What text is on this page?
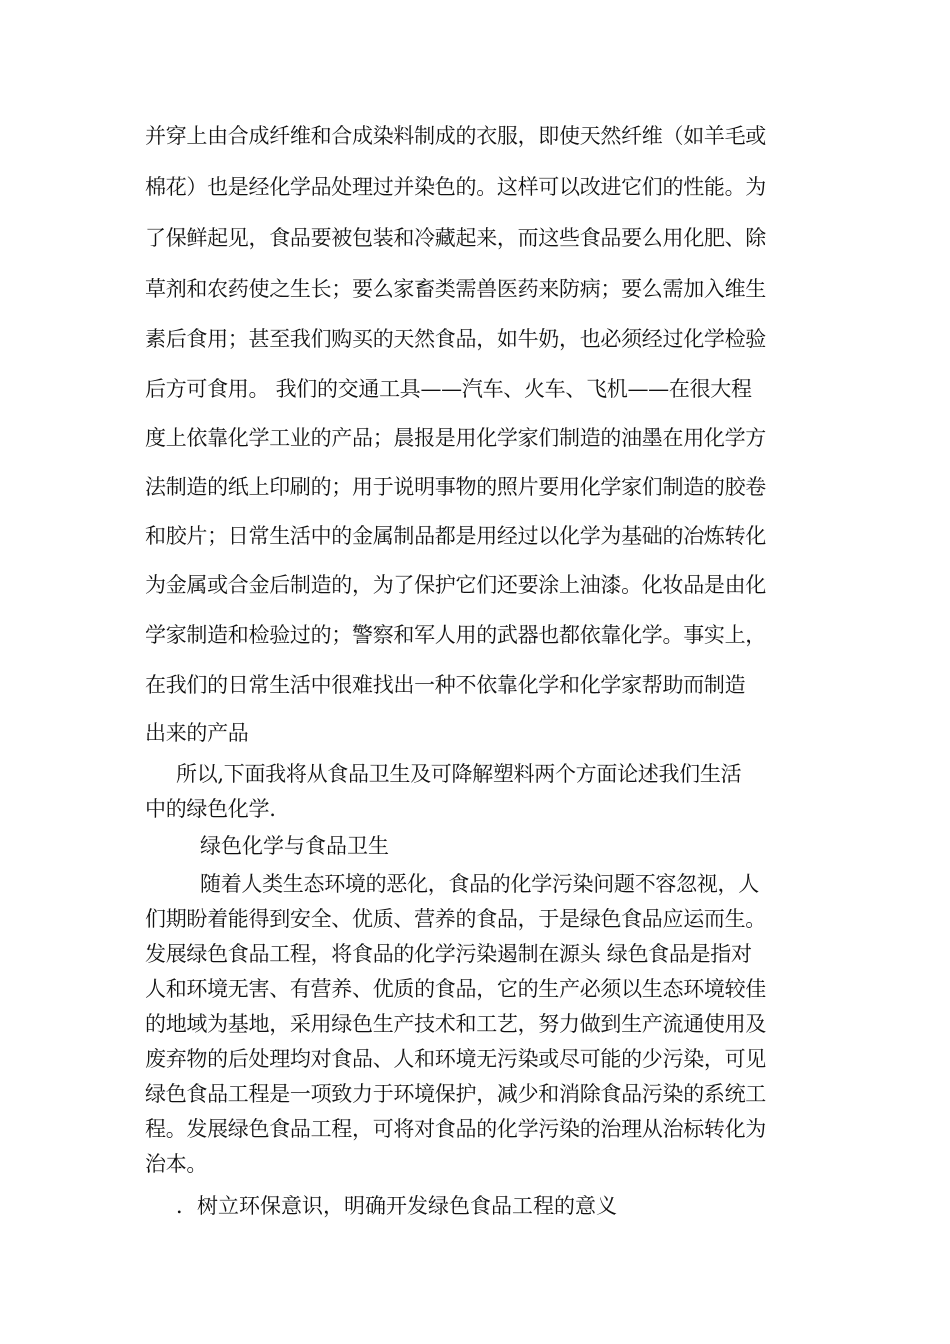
并穿上由合成纤维和合成染料制成的衣服，即使天然纤维（如羊毛或
棉花）也是经化学品处理过并染色的。这样可以改进它们的性能。为
了保鲜起见，食品要被包装和冷藏起来，而这些食品要么用化肥、除
草剂和农药使之生长；要么家畜类需兽医药来防病；要么需加入维生
素后食用；甚至我们购买的天然食品，如牛奶，也必须经过化学检验
后方可食用。 我们的交通工具——汽车、火车、飞机——在很大程
度上依靠化学工业的产品；晨报是用化学家们制造的油墨在用化学方
法制造的纸上印刷的；用于说明事物的照片要用化学家们制造的胶卷
和胶片；日常生活中的金属制品都是用经过以化学为基础的冶炼转化
为金属或合金后制造的，为了保护它们还要涂上油漆。化妆品是由化
学家制造和检验过的；警察和军人用的武器也都依靠化学。事实上，
在我们的日常生活中很难找出一种不依靠化学和化学家帮助而制造
出来的产品
所以,下面我将从食品卫生及可降解塑料两个方面论述我们生活
中的绿色化学.
绿色化学与食品卫生
随着人类生态环境的恶化，食品的化学污染问题不容忽视，人
们期盼着能得到安全、优质、营养的食品，于是绿色食品应运而生。
发展绿色食品工程，将食品的化学污染遏制在源头 绿色食品是指对
人和环境无害、有营养、优质的食品，它的生产必须以生态环境较佳
的地域为基地，采用绿色生产技术和工艺，努力做到生产流通使用及
废弃物的后处理均对食品、人和环境无污染或尽可能的少污染，可见
绿色食品工程是一项致力于环境保护，减少和消除食品污染的系统工
程。发展绿色食品工程，可将对食品的化学污染的治理从治标转化为
治本。
．树立环保意识，明确开发绿色食品工程的意义
